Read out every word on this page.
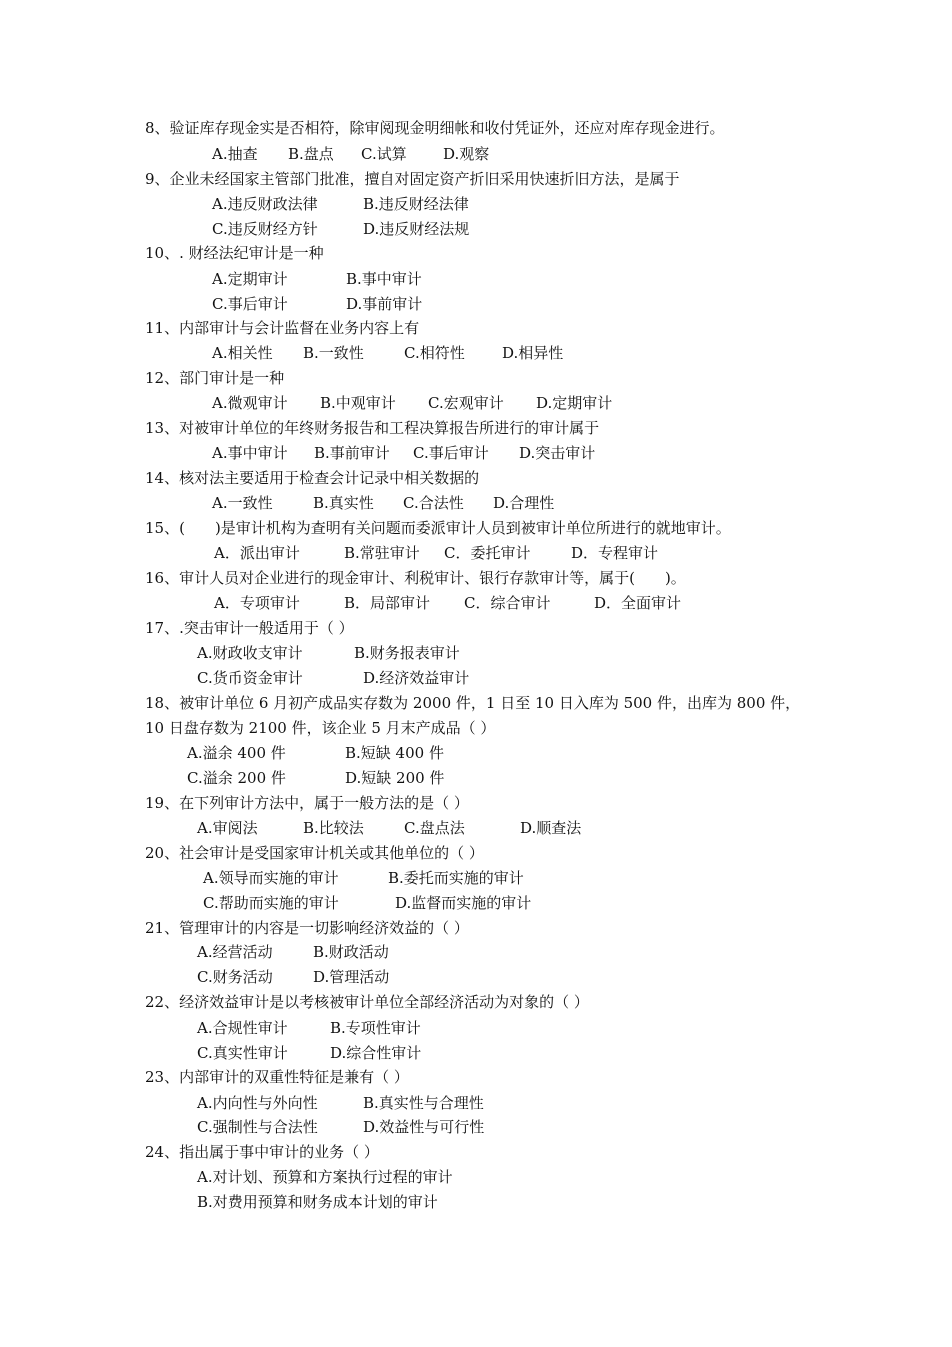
8、验证库存现金实是否相符，除审阅现金明细帐和收付凭证外，还应对库存现金进行。
A.抽查 B.盘点 C.试算 D.观察
9、企业未经国家主管部门批准，擅自对固定资产折旧采用快速折旧方法，是属于
A.违反财政法律	B.违反财经法律
C.违反财经方针	D.违反财经法规
10、. 财经法纪审计是一种
A.定期审计	B.事中审计
C.事后审计	D.事前审计
11、内部审计与会计监督在业务内容上有
A.相关性 B.一致性	C.相符性 D.相异性
12、部门审计是一种
A.微观审计 B.中观审计 C.宏观审计 D.定期审计
13、对被审计单位的年终财务报告和工程决算报告所进行的审计属于
A.事中审计 B.事前审计 C.事后审计 D.突击审计
14、核对法主要适用于检查会计记录中相关数据的
A.一致性	B.真实性 C.合法性 D.合理性
15、(　　)是审计机构为查明有关问题而委派审计人员到被审计单位所进行的就地审计。
A．派出审计	B.常驻审计 C．委托审计	D．专程审计
16、审计人员对企业进行的现金审计、利税审计、银行存款审计等，属于(　　)。
A．专项审计	B．局部审计 C．综合审计	D．全面审计
17、.突击审计一般适用于（ ）
A.财政收支审计	B.财务报表审计
C.货币资金审计	D.经济效益审计
18、被审计单位 6 月初产成品实存数为 2000 件，1 日至 10 日入库为 500 件，出库为 800 件，
10 日盘存数为 2100 件，该企业 5 月末产成品（ ）
A.溢余 400 件	B.短缺 400 件
C.溢余 200 件	D.短缺 200 件
19、在下列审计方法中，属于一般方法的是（ ）
A.审阅法	B.比较法	C.盘点法	D.顺查法
20、社会审计是受国家审计机关或其他单位的（ ）
A.领导而实施的审计	B.委托而实施的审计
C.帮助而实施的审计	D.监督而实施的审计
21、管理审计的内容是一切影响经济效益的（ ）
A.经营活动	B.财政活动
C.财务活动	D.管理活动
22、经济效益审计是以考核被审计单位全部经济活动为对象的（ ）
A.合规性审计	B.专项性审计
C.真实性审计	D.综合性审计
23、内部审计的双重性特征是兼有（ ）
A.内向性与外向性	B.真实性与合理性
C.强制性与合法性	D.效益性与可行性
24、指出属于事中审计的业务（ ）
A.对计划、预算和方案执行过程的审计
B.对费用预算和财务成本计划的审计
